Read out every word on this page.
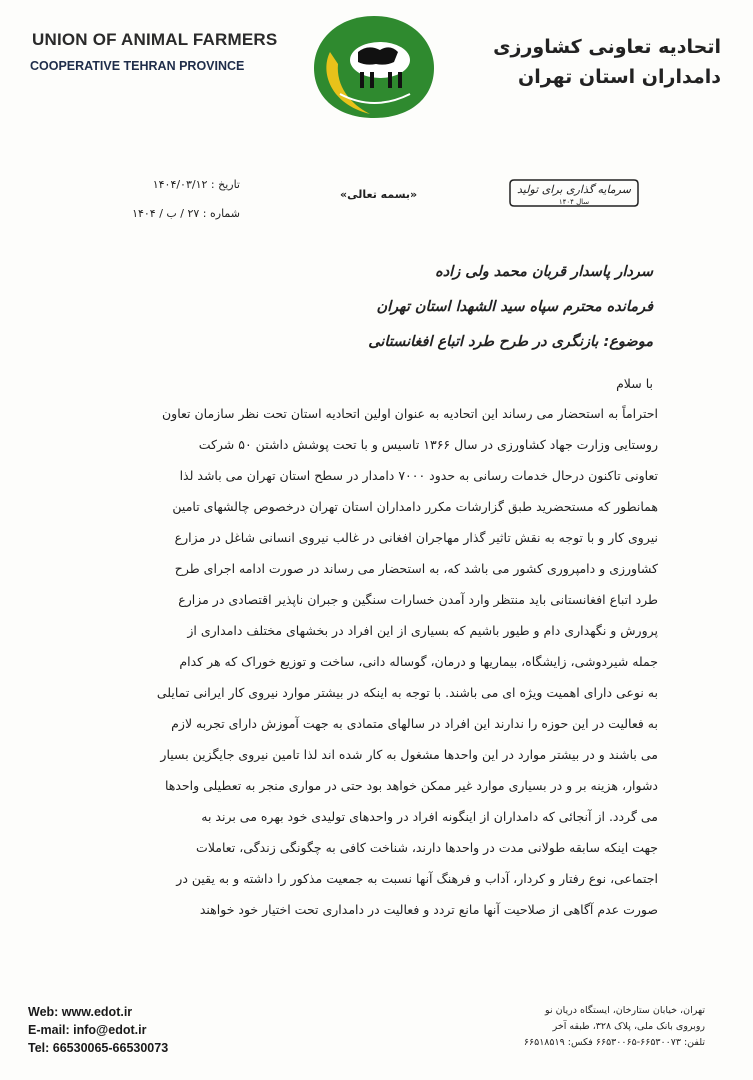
UNION OF ANIMAL FARMERS
COOPERATIVE TEHRAN PROVINCE
اتحادیه تعاونی کشاورزی
دامداران استان تهران
تاریخ : ۱۴۰۴/۰۳/۱۲
شماره : ۲۷ / ب / ۱۴۰۴
«بسمه تعالی»	سرمایه گذاری برای تولید
سال ۱۴۰۴
سردار پاسدار قربان محمد ولی زاده
فرمانده محترم سپاه سید الشهدا استان تهران
موضوع: بازنگری در طرح طرد اتباع افغانستانی
با سلام
احتراماً به استحضار می رساند این اتحادیه به عنوان اولین اتحادیه استان تحت نظر سازمان تعاون
روستایی وزارت جهاد کشاورزی در سال ۱۳۶۶ تاسیس و با تحت پوشش داشتن ۵۰ شرکت
تعاونی تاکنون درحال خدمات رسانی به حدود ۷۰۰۰ دامدار در سطح استان تهران می باشد لذا
همانطور که مستحضرید طبق گزارشات مکرر دامداران استان تهران درخصوص چالشهای تامین
نیروی کار و با توجه به نقش تاثیر گذار مهاجران افغانی در غالب نیروی انسانی شاغل در مزارع
کشاورزی و دامپروری کشور می باشد که، به استحضار می رساند در صورت ادامه اجرای طرح
طرد اتباع افغانستانی باید منتظر وارد آمدن خسارات سنگین و جبران ناپذیر اقتصادی در مزارع
پرورش و نگهداری دام و طیور باشیم که بسیاری از این افراد در بخشهای مختلف دامداری از
جمله شیردوشی، زایشگاه، بیماریها و درمان، گوساله دانی، ساخت و توزیع خوراک که هر کدام
به نوعی دارای اهمیت ویژه ای می باشند. با توجه به اینکه در بیشتر موارد نیروی کار ایرانی تمایلی
به فعالیت در این حوزه را ندارند این افراد در سالهای متمادی به جهت آموزش دارای تجربه لازم
می باشند و در بیشتر موارد در این واحدها مشغول به کار شده اند لذا تامین نیروی جایگزین بسیار
دشوار، هزینه بر و در بسیاری موارد غیر ممکن خواهد بود حتی در مواری منجر به تعطیلی واحدها
می گردد. از آنجائی که دامداران از اینگونه افراد در واحدهای تولیدی خود بهره می برند به
جهت اینکه سابقه طولانی مدت در واحدها دارند، شناخت کافی به چگونگی زندگی، تعاملات
اجتماعی، نوع رفتار و کردار، آداب و فرهنگ آنها نسبت به جمعیت مذکور را داشته و به یقین در
صورت عدم آگاهی از صلاحیت آنها مانع تردد و فعالیت در دامداری تحت اختیار خود خواهند
Web: www.edot.ir
E-mail: info@edot.ir
Tel: 66530065-66530073
تهران، خیابان ستارخان، ایستگاه دریان نو
روبروی بانک ملی، پلاک ۳۲۸، طبقه آخر
تلفن: ۶۶۵۳۰۰۷۳-۶۶۵۳۰۰۶۵ فکس: ۶۶۵۱۸۵۱۹
